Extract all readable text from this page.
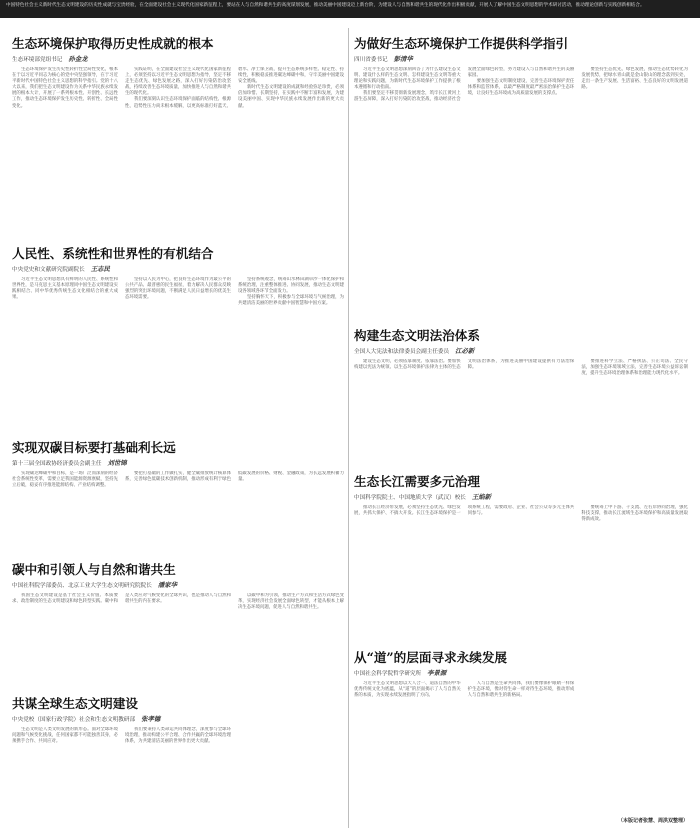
中国特色社会主义新时代生态文明建设的历史性成就与宝贵经验，在全面建设社会主义现代化国家新征程上，要站在人与自然和谐共生的高度谋划发展，推动美丽中国建设迈上新台阶，为建设人与自然和谐共生的现代化作出积极贡献，开展人了解中国生态文明思想的学术研讨活动，推动理论创新与实践创新相结合。
生态环境保护取得历史性成就的根本
生态环境部党组书记 孙金龙

生态环境保护发生历史性转折性全局性变化，根本在于以习近平同志为核心的党中央坚强领导，在于习近平新时代中国特色社会主义思想的科学指引。党的十八大以来，我们把生态文明建设作为关系中华民族永续发展的根本大计，开展了一系列根本性、开创性、长远性工作，推动生态环境保护发生历史性、转折性、全局性变化。

实践证明，在全面建设社会主义现代化国家新征程上，必须坚持以习近平生态文明思想为指导，坚定不移走生态优先、绿色发展之路，深入打好污染防治攻坚战，持续改善生态环境质量，加快推进人与自然和谐共生的现代化。

我们要深刻认识生态环境保护面临的结构性、根源性、趋势性压力尚未根本缓解，以更高标准打好蓝天、碧水、净土保卫战，提升生态系统多样性、稳定性、持续性，积极稳妥推进碳达峰碳中和，守牢美丽中国建设安全底线。

新时代生态文明建设的成就和经验弥足珍贵，必须倍加珍惜、长期坚持，在实践中不断丰富和发展，为建设美丽中国、实现中华民族永续发展作出新的更大贡献。

人民性、系统性和世界性的有机结合
中央党史和文献研究院副院长 王志民

习近平生态文明思想具有鲜明的人民性、系统性和世界性，是马克思主义基本原理同中国生态文明建设实践相结合、同中华优秀传统生态文化相结合的重大成果。

坚持以人民为中心，把良好生态环境作为最公平的公共产品、最普惠的民生福祉，着力解决人民群众反映强烈的突出环境问题，不断满足人民日益增长的优美生态环境需要。

坚持系统观念，统筹山水林田湖草沙一体化保护和系统治理，注重整体推进、协同发展，推动生态文明建设各领域各环节全面发力。

坚持胸怀天下，积极参与全球环境与气候治理，为共建清洁美丽的世界贡献中国智慧和中国方案。

实现双碳目标要打基础利长远
第十三届全国政协经济委员会副主任 刘世锦

实现碳达峰碳中和目标，是一场广泛而深刻的经济社会系统性变革，需要立足我国能源资源禀赋，坚持先立后破，稳妥有序推进能源结构、产业结构调整。

要把打基础的工作做扎实，健全碳排放统计核算体系，完善绿色低碳技术创新机制，推动形成有利于绿色低碳发展的价格、财税、金融政策，为长远发展积蓄力量。

碳中和引领人与自然和谐共生
中国社科院学部委员、北京工业大学生态文明研究院院长 潘家华

我国生态文明建设是基于社会主义价值、本质要求、政治制度的生态文明建设和绿色转型实践。碳中和是人类应对气候变化的全球共识，也是推动人与自然和谐共生的内在要求。

以碳中和为引领，推动生产方式和生活方式绿色变革，实现经济社会发展全面绿色转型，才能从根本上解决生态环境问题，促进人与自然和谐共生。

共谋全球生态文明建设
中央党校（国家行政学院）社会和生态文明教研部 张孝德

生态文明是人类文明发展的新形态。面对全球环境问题和气候变化挑战，任何国家都不可能独善其身，必须携手合作、共同应对。

我们要秉持人类命运共同体理念，深度参与全球环境治理，推动构建公平合理、合作共赢的全球环境治理体系，为共建清洁美丽的世界作出更大贡献。

为做好生态环境保护工作提供科学指引
四川省委书记 彭清华

习近平生态文明思想深刻回答了为什么建设生态文明、建设什么样的生态文明、怎样建设生态文明等重大理论和实践问题，为新时代生态环境保护工作提供了根本遵循和行动指南。

我们要坚定不移贯彻新发展理念，筑牢长江黄河上游生态屏障，深入打好污染防治攻坚战，推动经济社会发展全面绿色转型，努力建设人与自然和谐共生的美丽家园。

要加强生态文明制度建设，完善生态环境保护责任体系和监管体系，以最严格制度最严密法治保护生态环境，让良好生态环境成为高质量发展的支撑点。

要坚持生态优先、绿色发展，推动生态优势转化为发展优势，把绿水青山就是金山银山的理念落到实处，走出一条生产发展、生活富裕、生态良好的文明发展道路。

构建生态文明法治体系
全国人大宪法和法律委员会副主任委员 江必新

建设生态文明，必须依靠制度、依靠法治。要加快构建以宪法为统领、以生态环境保护法律为主体的生态文明法治体系，为推进美丽中国建设提供有力法治保障。

要推进科学立法、严格执法、公正司法、全民守法，加强生态环境领域立法，完善生态环境公益诉讼制度，提升生态环境治理体系和治理能力现代化水平。

生态长江需要多元治理
中国科学院院士、中国地质大学（武汉）校长 王焰新

推动长江经济带发展，必须坚持生态优先、绿色发展，共抓大保护、不搞大开发。长江生态环境保护是一项系统工程，需要政府、企业、社会公众等多元主体共同参与。

要统筹上中下游、干支流、左右岸协同治理，强化科技支撑，推动长江流域生态环境保护和高质量发展取得新成效。

从“道”的层面寻求永续发展
中国社会科学院哲学研究所 李景源

习近平生态文明思想以天人合一、道法自然的中华优秀传统文化为底蕴，从“道”的层面揭示了人与自然关系的本质，为实现永续发展指明了方向。

人与自然是生命共同体，我们要像保护眼睛一样保护生态环境，像对待生命一样对待生态环境，推动形成人与自然和谐共生的新格局。

（本版记者张慧、周洪双整理）
